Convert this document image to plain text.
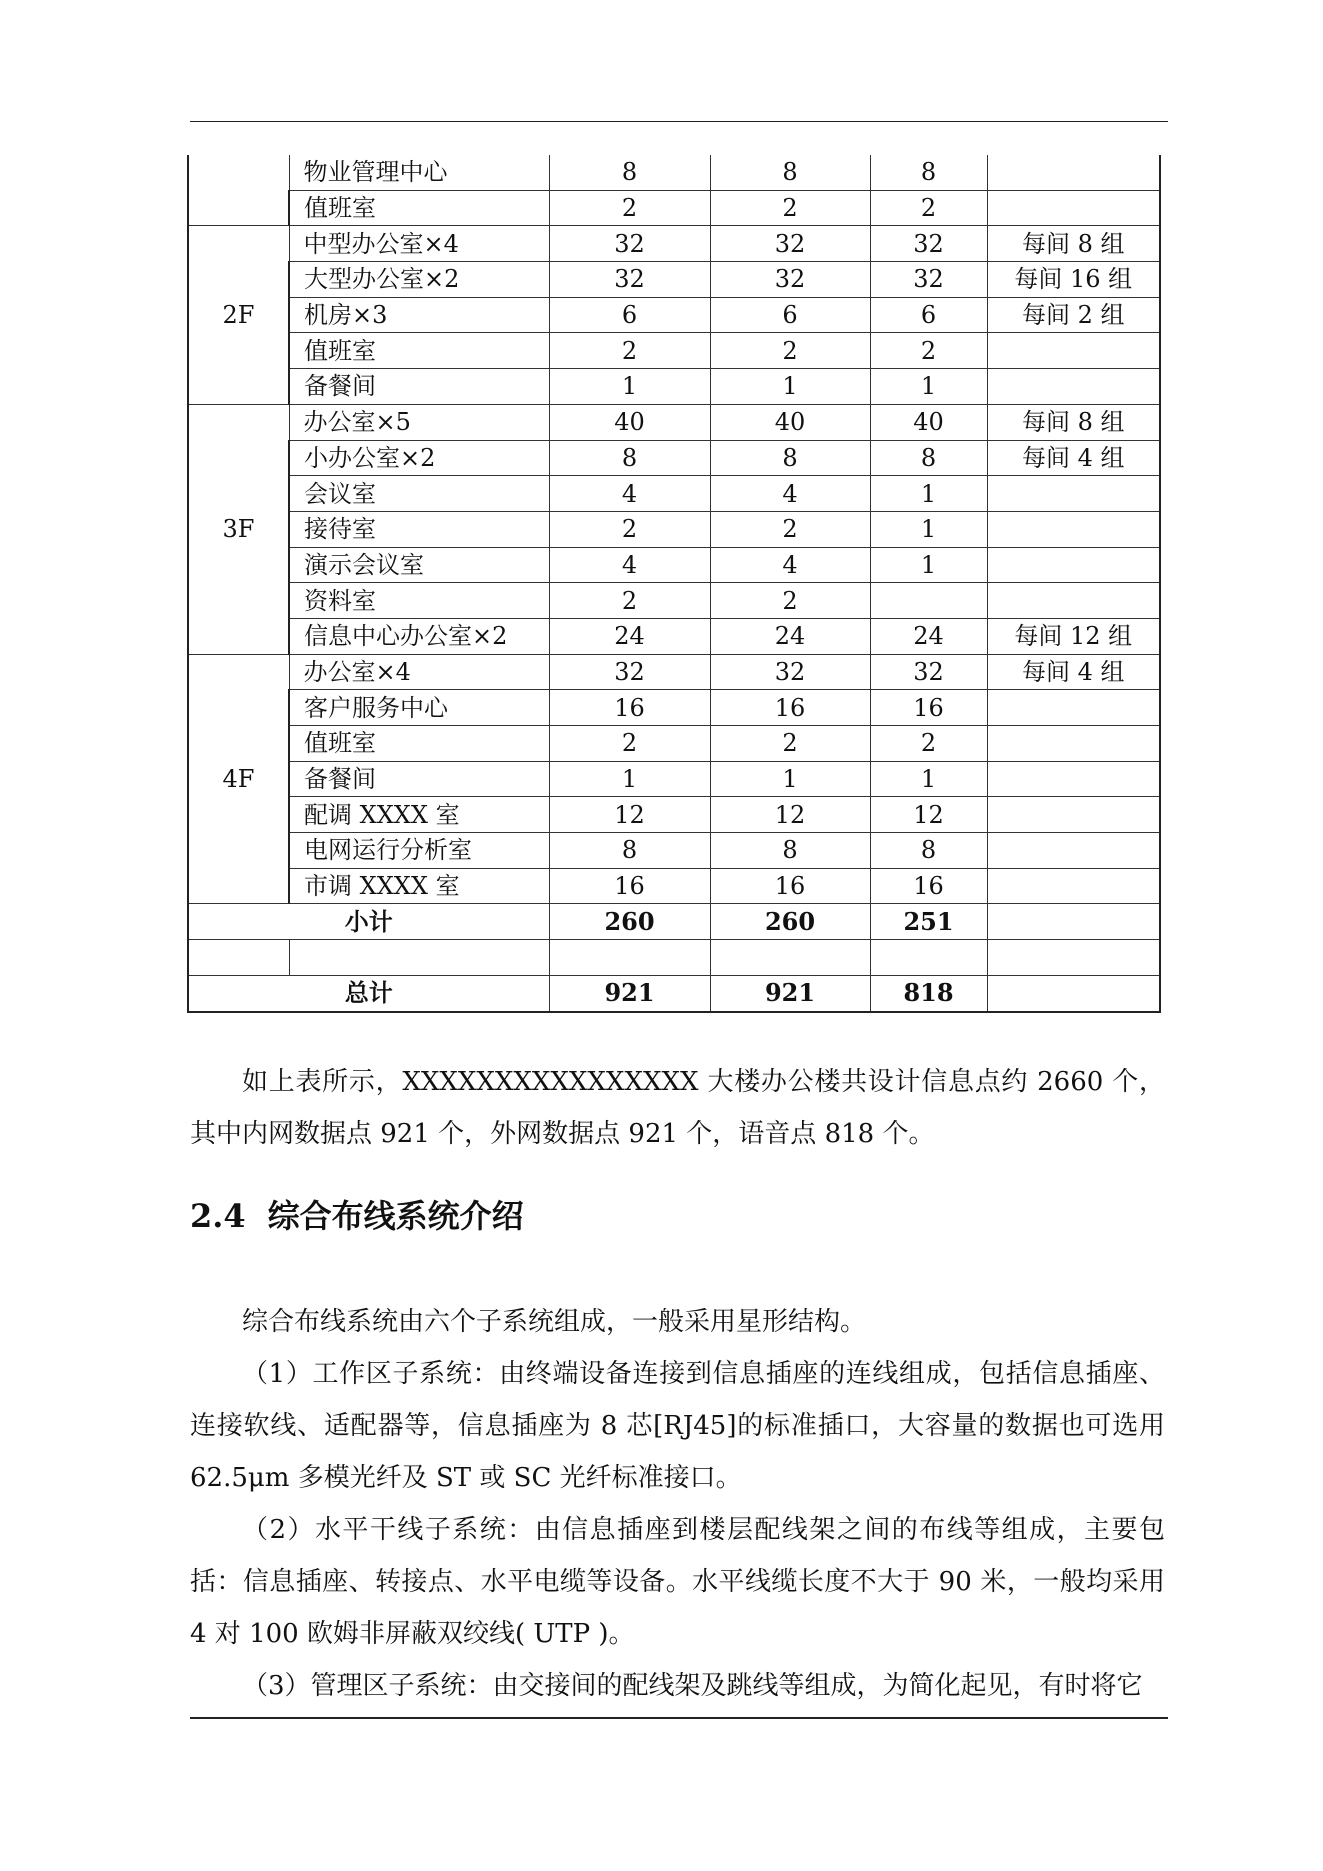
	物业管理中心	8	8	8	
	值班室	2	2	2	
2F	中型办公室×4	32	32	32	每间 8 组
	大型办公室×2	32	32	32	每间 16 组
	机房×3	6	6	6	每间 2 组
	值班室	2	2	2	
	备餐间	1	1	1	
3F	办公室×5	40	40	40	每间 8 组
	小办公室×2	8	8	8	每间 4 组
	会议室	4	4	1	
	接待室	2	2	1	
	演示会议室	4	4	1	
	资料室	2	2		
	信息中心办公室×2	24	24	24	每间 12 组
4F	办公室×4	32	32	32	每间 4 组
	客户服务中心	16	16	16	
	值班室	2	2	2	
	备餐间	1	1	1	
	配调 XXXX 室	12	12	12	
	电网运行分析室	8	8	8	
	市调 XXXX 室	16	16	16	
小计		260	260	251	

总计		921	921	818	

如上表所示，XXXXXXXXXXXXXXXX 大楼办公楼共设计信息点约 2660 个，其中内网数据点 921 个，外网数据点 921 个，语音点 818 个。

2.4 综合布线系统介绍

综合布线系统由六个子系统组成，一般采用星形结构。

（1）工作区子系统：由终端设备连接到信息插座的连线组成，包括信息插座、连接软线、适配器等，信息插座为 8 芯[RJ45]的标准插口，大容量的数据也可选用 62.5μm 多模光纤及 ST 或 SC 光纤标准接口。

（2）水平干线子系统：由信息插座到楼层配线架之间的布线等组成，主要包括：信息插座、转接点、水平电缆等设备。水平线缆长度不大于 90 米，一般均采用 4 对 100 欧姆非屏蔽双绞线( UTP )。

（3）管理区子系统：由交接间的配线架及跳线等组成，为简化起见，有时将它
